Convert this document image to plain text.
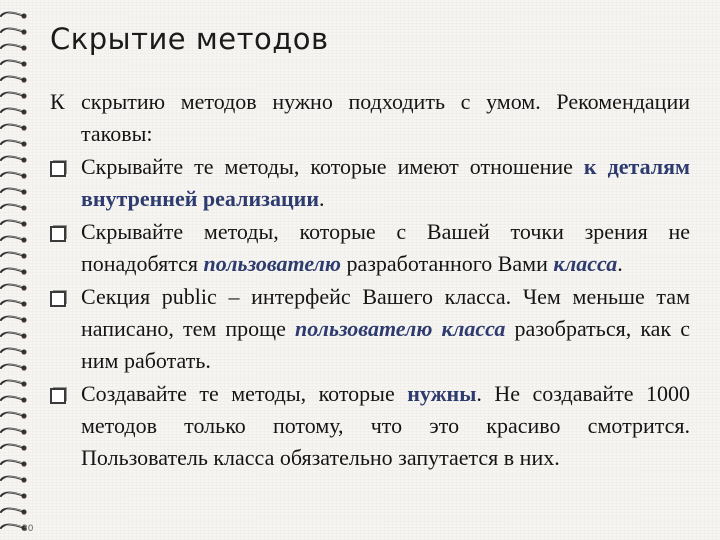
Скрытие методов
К скрытию методов нужно подходить с умом. Рекомендации таковы:
Скрывайте те методы, которые имеют отношение к деталям внутренней реализации.
Скрывайте методы, которые с Вашей точки зрения не понадобятся пользователю разработанного Вами класса.
Секция public – интерфейс Вашего класса. Чем меньше там написано, тем проще пользователю класса разобраться, как с ним работать.
Создавайте те методы, которые нужны. Не создавайте 1000 методов только потому, что это красиво смотрится. Пользователь класса обязательно запутается в них.
30
